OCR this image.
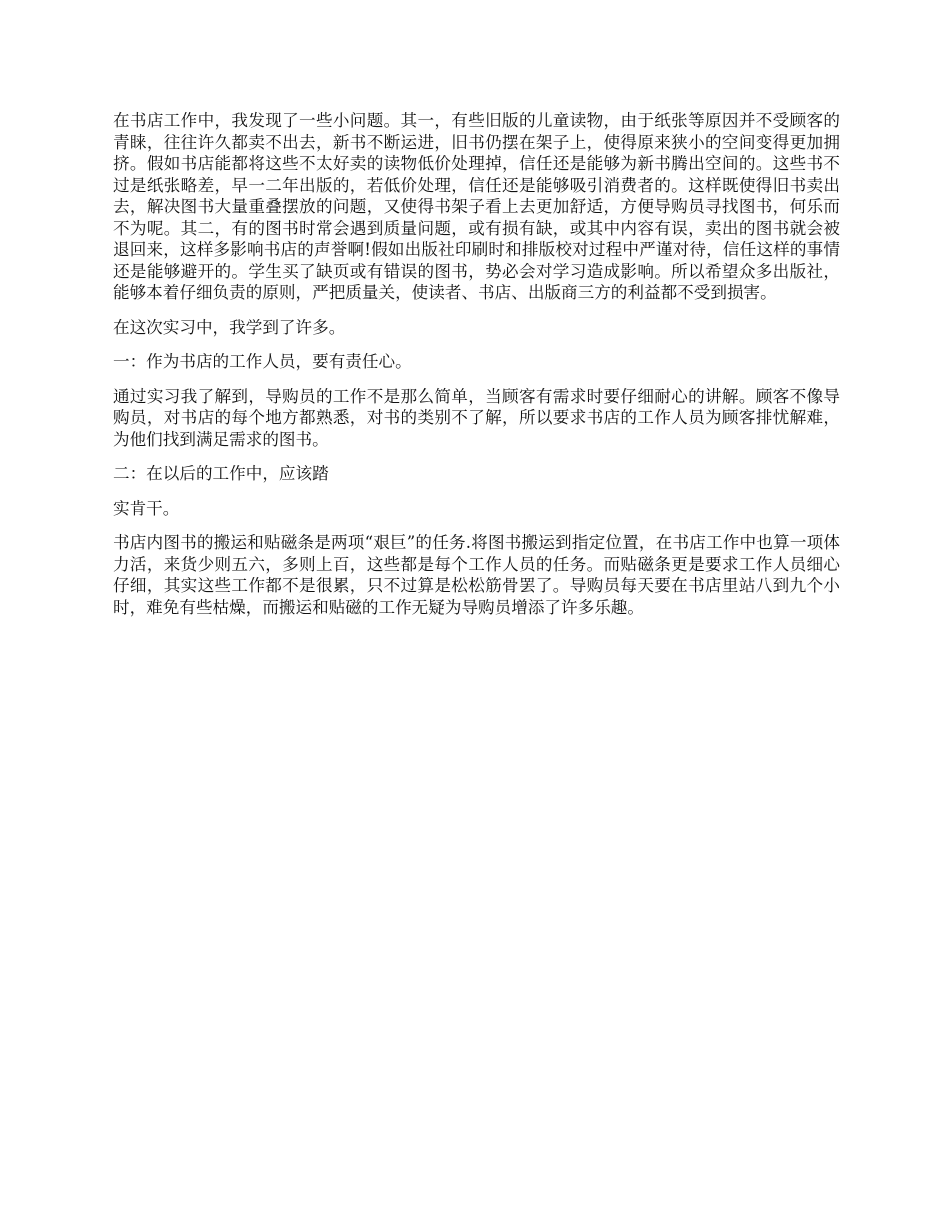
在书店工作中，我发现了一些小问题。其一，有些旧版的儿童读物，由于纸张等原因并不受顾客的青睐，往往许久都卖不出去，新书不断运进，旧书仍摆在架子上，使得原来狭小的空间变得更加拥挤。假如书店能都将这些不太好卖的读物低价处理掉，信任还是能够为新书腾出空间的。这些书不过是纸张略差，早一二年出版的，若低价处理，信任还是能够吸引消费者的。这样既使得旧书卖出去，解决图书大量重叠摆放的问题，又使得书架子看上去更加舒适，方便导购员寻找图书，何乐而不为呢。其二，有的图书时常会遇到质量问题，或有损有缺，或其中内容有误，卖出的图书就会被退回来，这样多影响书店的声誉啊!假如出版社印刷时和排版校对过程中严谨对待，信任这样的事情还是能够避开的。学生买了缺页或有错误的图书，势必会对学习造成影响。所以希望众多出版社，能够本着仔细负责的原则，严把质量关，使读者、书店、出版商三方的利益都不受到损害。

在这次实习中，我学到了许多。

一：作为书店的工作人员，要有责任心。

通过实习我了解到，导购员的工作不是那么简单，当顾客有需求时要仔细耐心的讲解。顾客不像导购员，对书店的每个地方都熟悉，对书的类别不了解，所以要求书店的工作人员为顾客排忧解难，为他们找到满足需求的图书。

二：在以后的工作中，应该踏

实肯干。

书店内图书的搬运和贴磁条是两项“艰巨”的任务.将图书搬运到指定位置，在书店工作中也算一项体力活，来货少则五六，多则上百，这些都是每个工作人员的任务。而贴磁条更是要求工作人员细心仔细，其实这些工作都不是很累，只不过算是松松筋骨罢了。导购员每天要在书店里站八到九个小时，难免有些枯燥，而搬运和贴磁的工作无疑为导购员增添了许多乐趣。
